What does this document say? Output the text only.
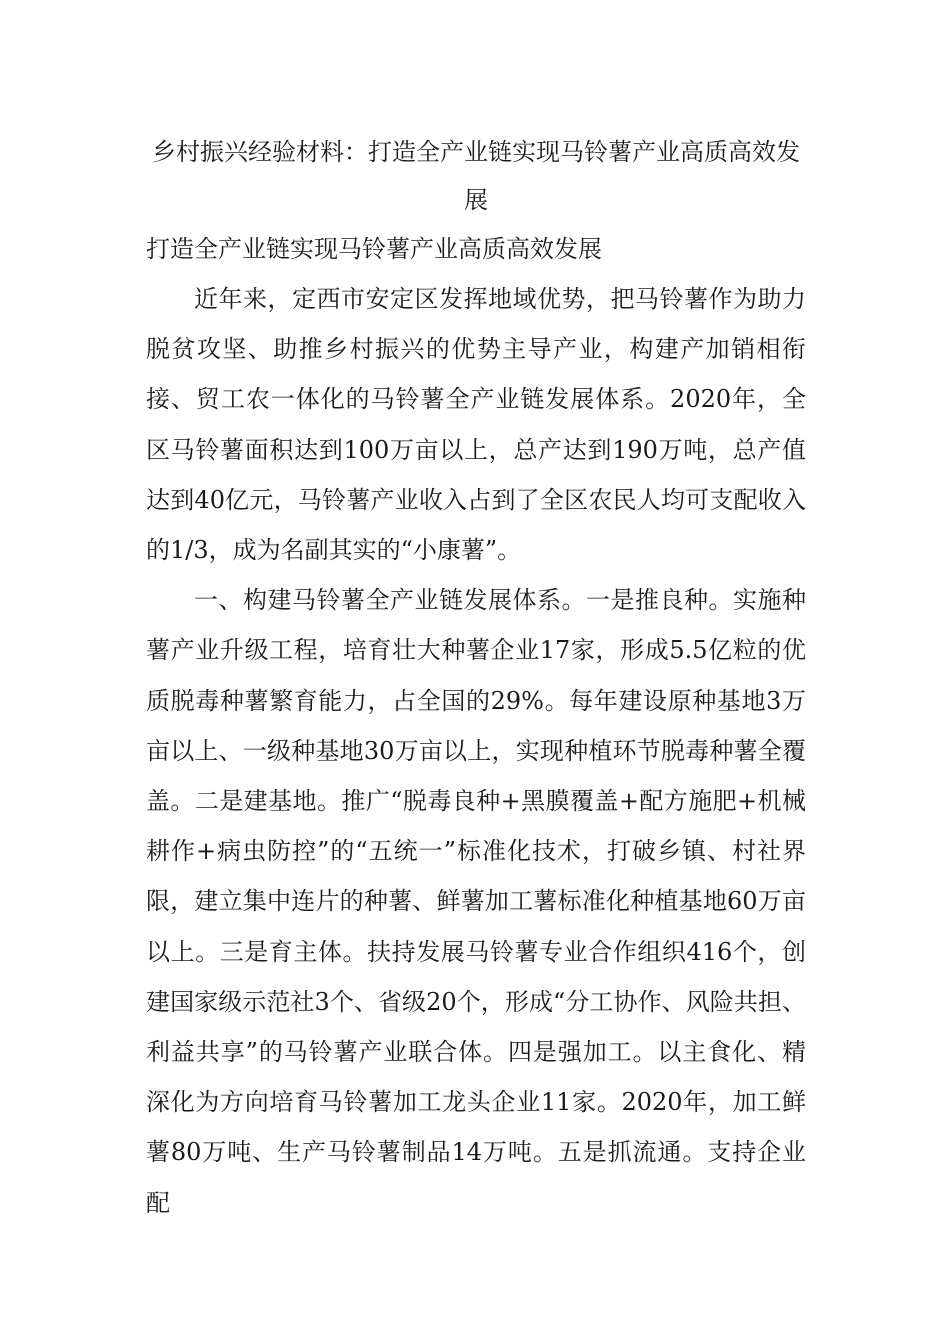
乡村振兴经验材料：打造全产业链实现马铃薯产业高质高效发展
打造全产业链实现马铃薯产业高质高效发展

近年来，定西市安定区发挥地域优势，把马铃薯作为助力脱贫攻坚、助推乡村振兴的优势主导产业，构建产加销相衔接、贸工农一体化的马铃薯全产业链发展体系。2020年，全区马铃薯面积达到100万亩以上，总产达到190万吨，总产值达到40亿元，马铃薯产业收入占到了全区农民人均可支配收入的1/3，成为名副其实的“小康薯”。

一、构建马铃薯全产业链发展体系。一是推良种。实施种薯产业升级工程，培育壮大种薯企业17家，形成5.5亿粒的优质脱毒种薯繁育能力，占全国的29%。每年建设原种基地3万亩以上、一级种基地30万亩以上，实现种植环节脱毒种薯全覆盖。二是建基地。推广“脱毒良种+黑膜覆盖+配方施肥+机械耕作+病虫防控”的“五统一”标准化技术，打破乡镇、村社界限，建立集中连片的种薯、鲜薯加工薯标准化种植基地60万亩以上。三是育主体。扶持发展马铃薯专业合作组织416个，创建国家级示范社3个、省级20个，形成“分工协作、风险共担、利益共享”的马铃薯产业联合体。四是强加工。以主食化、精深化为方向培育马铃薯加工龙头企业11家。2020年，加工鲜薯80万吨、生产马铃薯制品14万吨。五是抓流通。支持企业配
